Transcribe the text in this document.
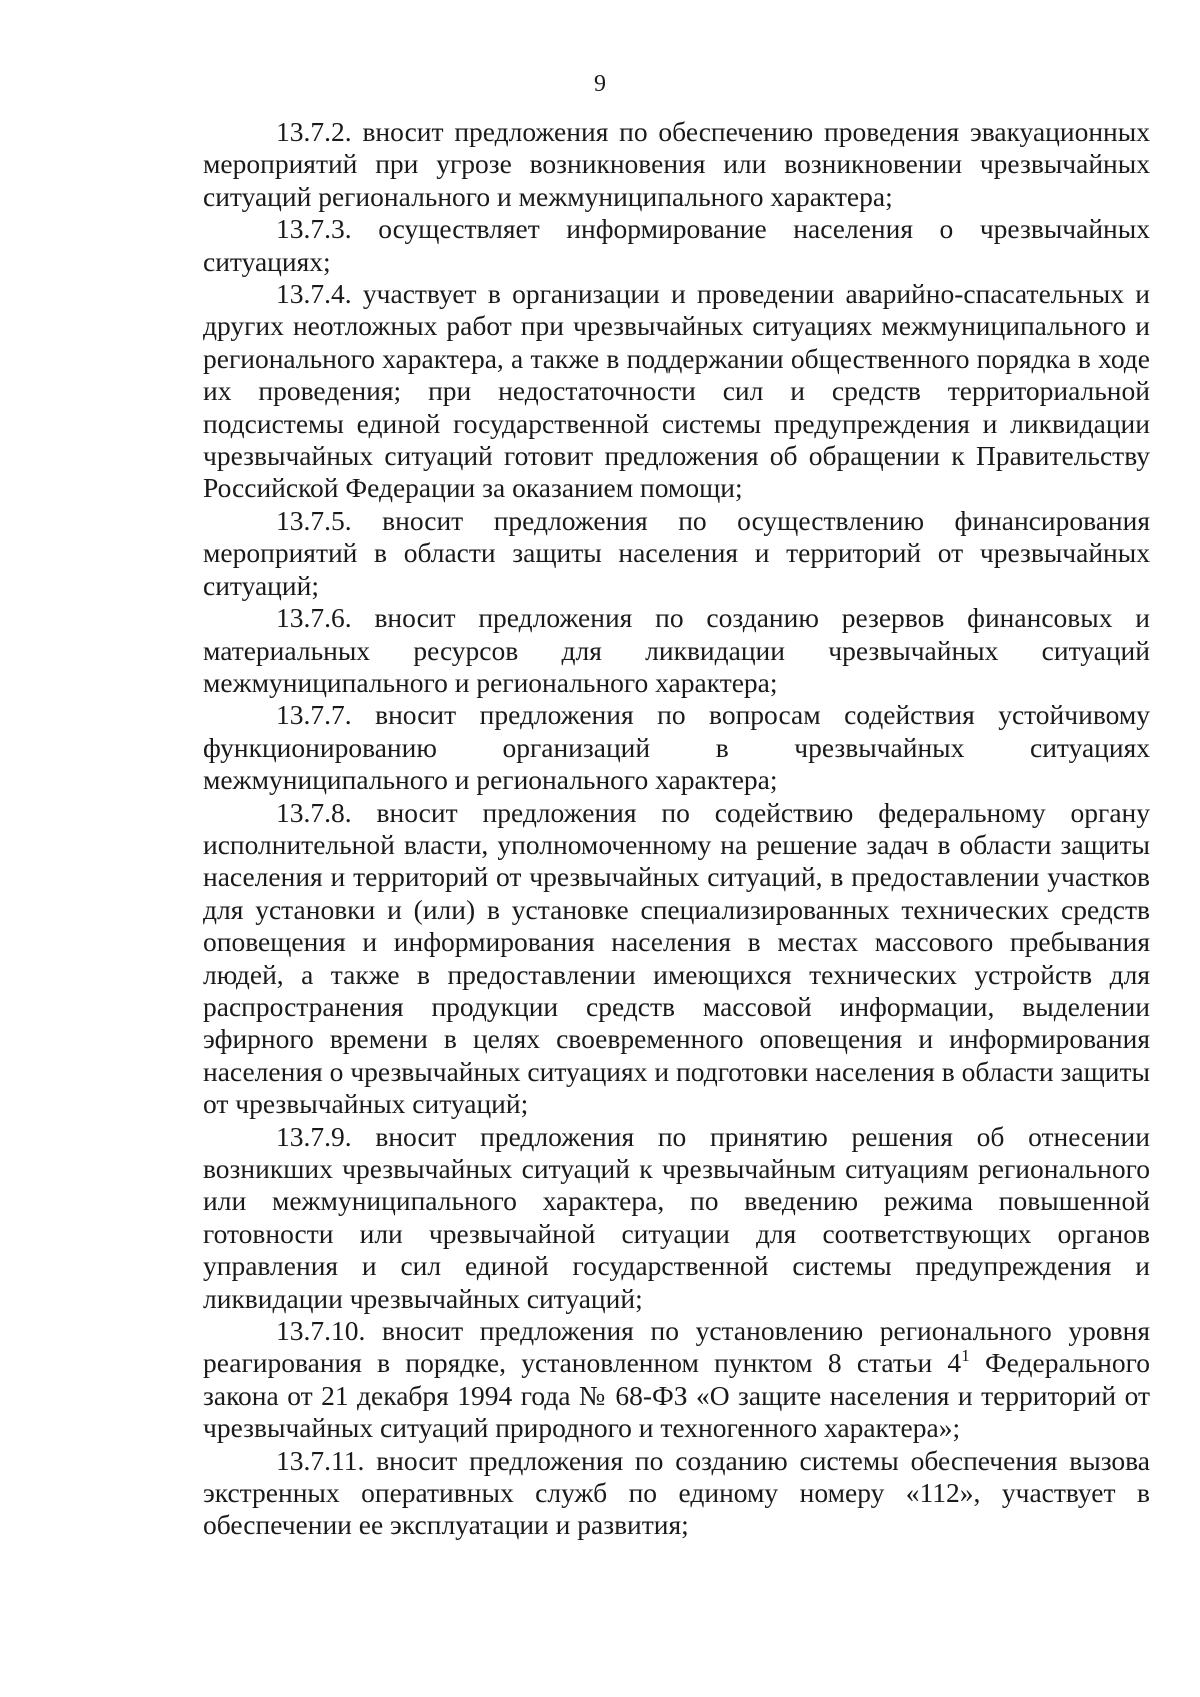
9

13.7.2. вносит предложения по обеспечению проведения эвакуационных мероприятий при угрозе возникновения или возникновении чрезвычайных ситуаций регионального и межмуниципального характера;

13.7.3. осуществляет информирование населения о чрезвычайных ситуациях;

13.7.4. участвует в организации и проведении аварийно-спасательных и других неотложных работ при чрезвычайных ситуациях межмуниципального и регионального характера, а также в поддержании общественного порядка в ходе их проведения; при недостаточности сил и средств территориальной подсистемы единой государственной системы предупреждения и ликвидации чрезвычайных ситуаций готовит предложения об обращении к Правительству Российской Федерации за оказанием помощи;

13.7.5. вносит предложения по осуществлению финансирования мероприятий в области защиты населения и территорий от чрезвычайных ситуаций;

13.7.6. вносит предложения по созданию резервов финансовых и материальных ресурсов для ликвидации чрезвычайных ситуаций межмуниципального и регионального характера;

13.7.7. вносит предложения по вопросам содействия устойчивому функционированию организаций в чрезвычайных ситуациях межмуниципального и регионального характера;

13.7.8. вносит предложения по содействию федеральному органу исполнительной власти, уполномоченному на решение задач в области защиты населения и территорий от чрезвычайных ситуаций, в предоставлении участков для установки и (или) в установке специализированных технических средств оповещения и информирования населения в местах массового пребывания людей, а также в предоставлении имеющихся технических устройств для распространения продукции средств массовой информации, выделении эфирного времени в целях своевременного оповещения и информирования населения о чрезвычайных ситуациях и подготовки населения в области защиты от чрезвычайных ситуаций;

13.7.9. вносит предложения по принятию решения об отнесении возникших чрезвычайных ситуаций к чрезвычайным ситуациям регионального или межмуниципального характера, по введению режима повышенной готовности или чрезвычайной ситуации для соответствующих органов управления и сил единой государственной системы предупреждения и ликвидации чрезвычайных ситуаций;

13.7.10. вносит предложения по установлению регионального уровня реагирования в порядке, установленном пунктом 8 статьи $4^1$ Федерального закона от 21 декабря 1994 года № 68-ФЗ «О защите населения и территорий от чрезвычайных ситуаций природного и техногенного характера»;

13.7.11. вносит предложения по созданию системы обеспечения вызова экстренных оперативных служб по единому номеру «112», участвует в обеспечении ее эксплуатации и развития;
